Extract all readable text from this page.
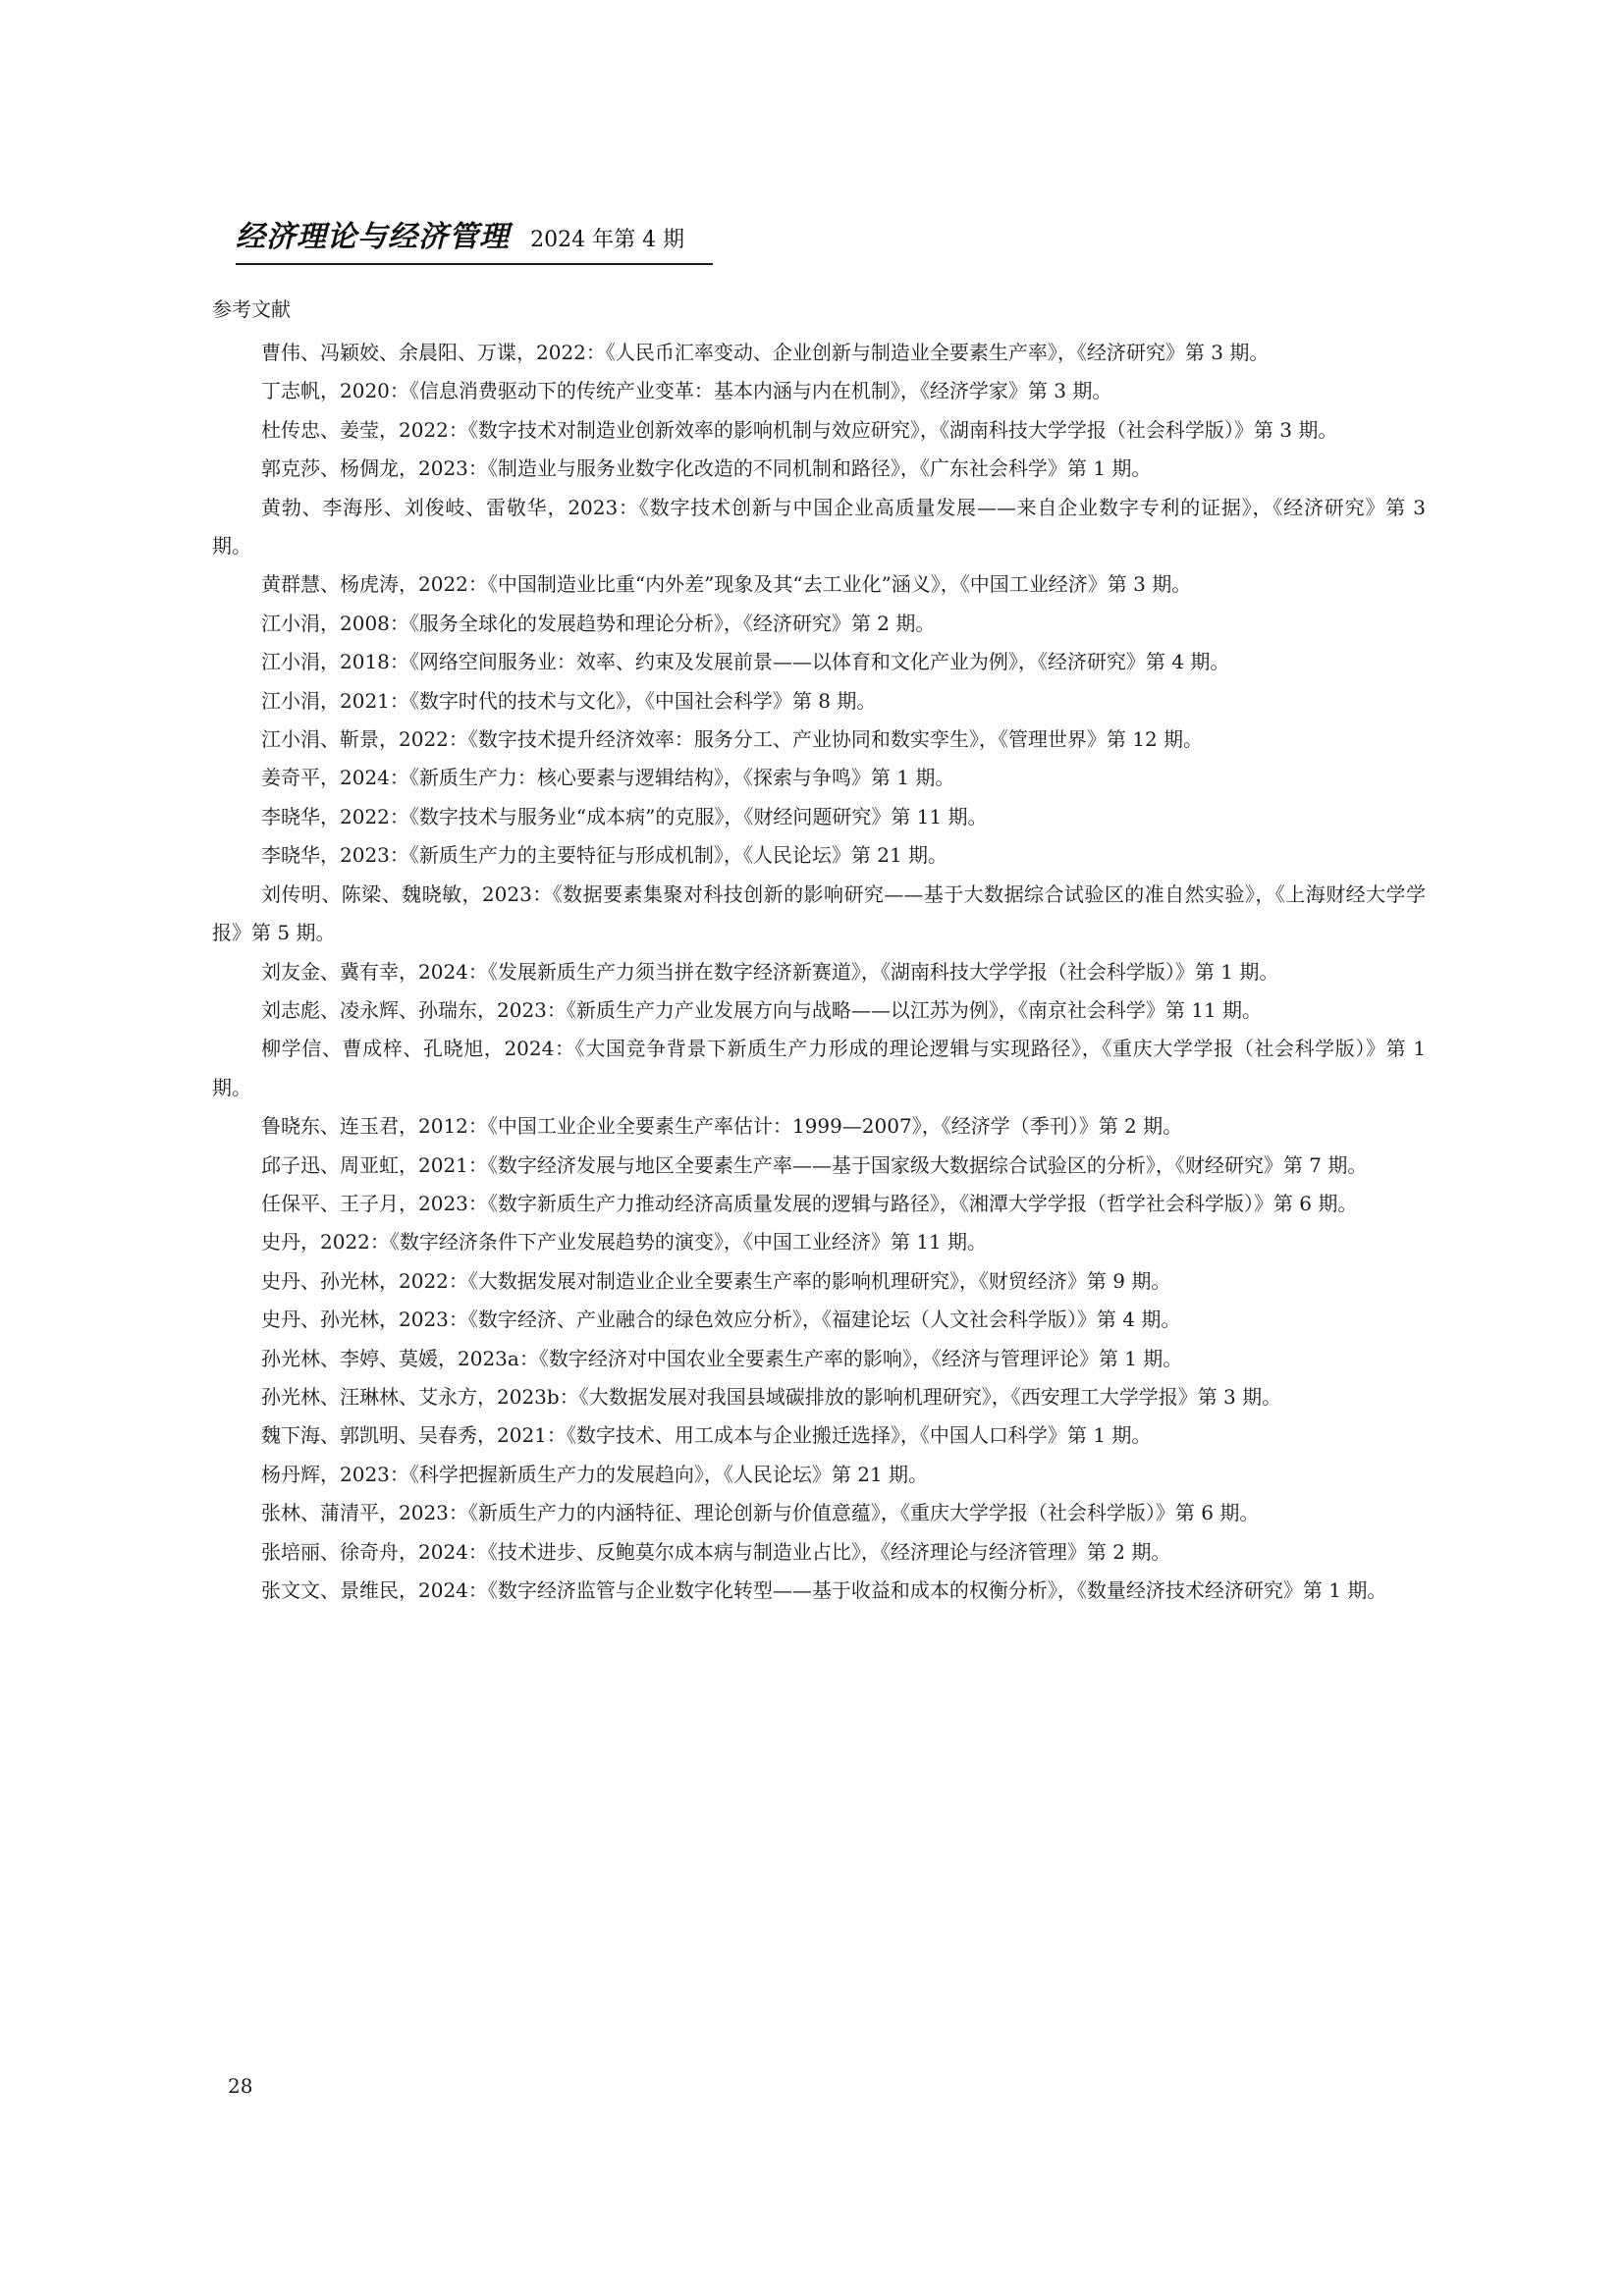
经济理论与经济管理 2024 年第 4 期
参考文献
曹伟、冯颖姣、余晨阳、万谍，2022：《人民币汇率变动、企业创新与制造业全要素生产率》，《经济研究》第 3 期。
丁志帆，2020：《信息消费驱动下的传统产业变革：基本内涵与内在机制》，《经济学家》第 3 期。
杜传忠、姜莹，2022：《数字技术对制造业创新效率的影响机制与效应研究》，《湖南科技大学学报（社会科学版）》第 3 期。
郭克莎、杨倜龙，2023：《制造业与服务业数字化改造的不同机制和路径》，《广东社会科学》第 1 期。
黄勃、李海彤、刘俊岐、雷敬华，2023：《数字技术创新与中国企业高质量发展——来自企业数字专利的证据》，《经济研究》第 3 期。
黄群慧、杨虎涛，2022：《中国制造业比重“内外差”现象及其“去工业化”涵义》，《中国工业经济》第 3 期。
江小涓，2008：《服务全球化的发展趋势和理论分析》，《经济研究》第 2 期。
江小涓，2018：《网络空间服务业：效率、约束及发展前景——以体育和文化产业为例》，《经济研究》第 4 期。
江小涓，2021：《数字时代的技术与文化》，《中国社会科学》第 8 期。
江小涓、靳景，2022：《数字技术提升经济效率：服务分工、产业协同和数实孪生》，《管理世界》第 12 期。
姜奇平，2024：《新质生产力：核心要素与逻辑结构》，《探索与争鸣》第 1 期。
李晓华，2022：《数字技术与服务业“成本病”的克服》，《财经问题研究》第 11 期。
李晓华，2023：《新质生产力的主要特征与形成机制》，《人民论坛》第 21 期。
刘传明、陈梁、魏晓敏，2023：《数据要素集聚对科技创新的影响研究——基于大数据综合试验区的准自然实验》，《上海财经大学学报》第 5 期。
刘友金、冀有幸，2024：《发展新质生产力须当拼在数字经济新赛道》，《湖南科技大学学报（社会科学版）》第 1 期。
刘志彪、凌永辉、孙瑞东，2023：《新质生产力产业发展方向与战略——以江苏为例》，《南京社会科学》第 11 期。
柳学信、曹成梓、孔晓旭，2024：《大国竞争背景下新质生产力形成的理论逻辑与实现路径》，《重庆大学学报（社会科学版）》第 1 期。
鲁晓东、连玉君，2012：《中国工业企业全要素生产率估计：1999—2007》，《经济学（季刊）》第 2 期。
邱子迅、周亚虹，2021：《数字经济发展与地区全要素生产率——基于国家级大数据综合试验区的分析》，《财经研究》第 7 期。
任保平、王子月，2023：《数字新质生产力推动经济高质量发展的逻辑与路径》，《湘潭大学学报（哲学社会科学版）》第 6 期。
史丹，2022：《数字经济条件下产业发展趋势的演变》，《中国工业经济》第 11 期。
史丹、孙光林，2022：《大数据发展对制造业企业全要素生产率的影响机理研究》，《财贸经济》第 9 期。
史丹、孙光林，2023：《数字经济、产业融合的绿色效应分析》，《福建论坛（人文社会科学版）》第 4 期。
孙光林、李婷、莫媛，2023a：《数字经济对中国农业全要素生产率的影响》，《经济与管理评论》第 1 期。
孙光林、汪琳林、艾永方，2023b：《大数据发展对我国县域碳排放的影响机理研究》，《西安理工大学学报》第 3 期。
魏下海、郭凯明、吴春秀，2021：《数字技术、用工成本与企业搬迁选择》，《中国人口科学》第 1 期。
杨丹辉，2023：《科学把握新质生产力的发展趋向》，《人民论坛》第 21 期。
张林、蒲清平，2023：《新质生产力的内涵特征、理论创新与价值意蕴》，《重庆大学学报（社会科学版）》第 6 期。
张培丽、徐奇舟，2024：《技术进步、反鲍莫尔成本病与制造业占比》，《经济理论与经济管理》第 2 期。
张文文、景维民，2024：《数字经济监管与企业数字化转型——基于收益和成本的权衡分析》，《数量经济技术经济研究》第 1 期。
28
